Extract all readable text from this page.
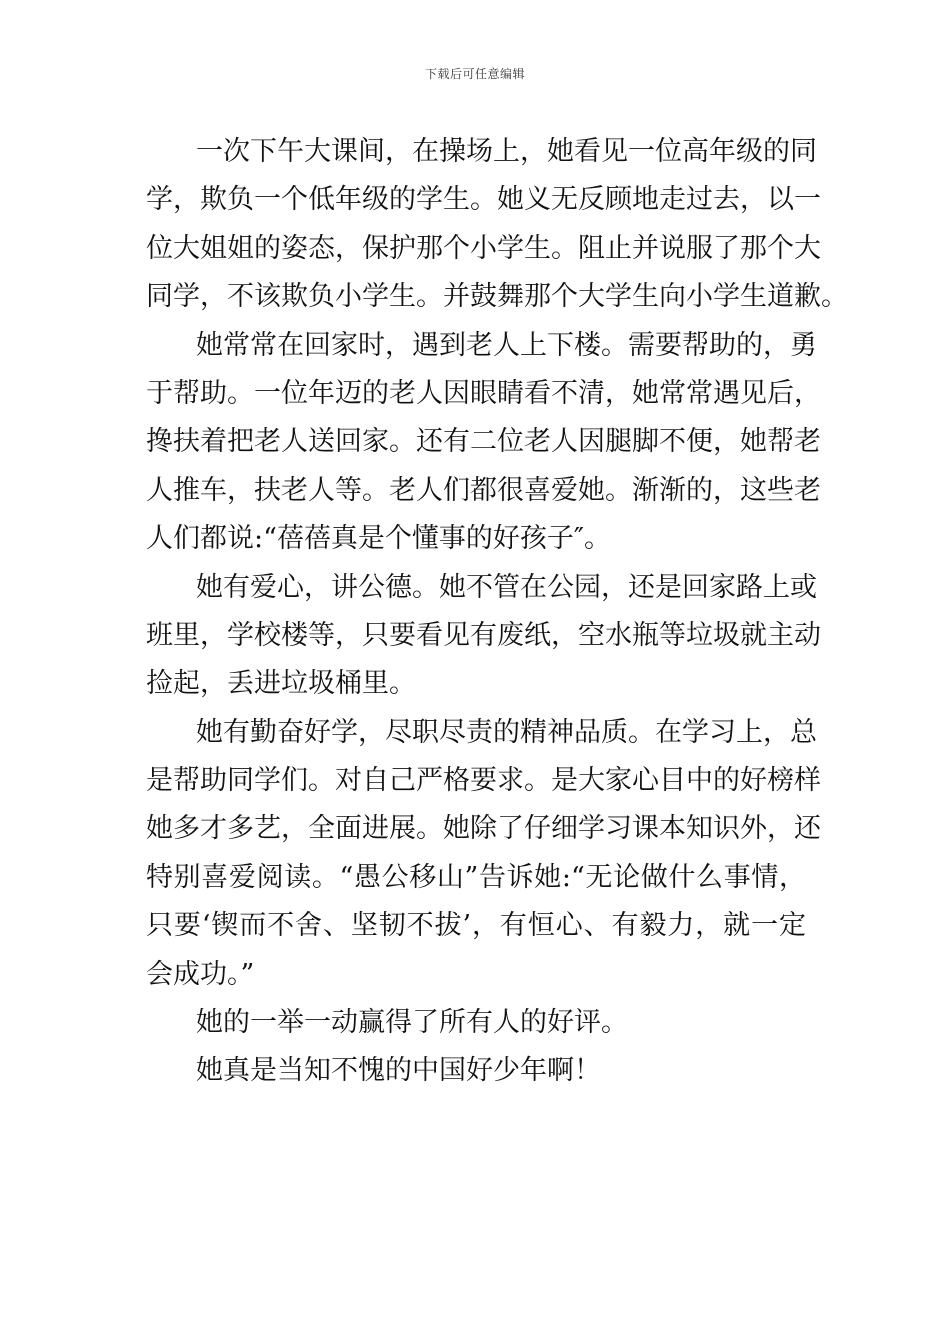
下载后可任意编辑
一次下午大课间，在操场上，她看见一位高年级的同
学，欺负一个低年级的学生。她义无反顾地走过去，以一
位大姐姐的姿态，保护那个小学生。阻止并说服了那个大
同学，不该欺负小学生。并鼓舞那个大学生向小学生道歉。
她常常在回家时，遇到老人上下楼。需要帮助的，勇
于帮助。一位年迈的老人因眼睛看不清，她常常遇见后，
搀扶着把老人送回家。还有二位老人因腿脚不便，她帮老
人推车，扶老人等。老人们都很喜爱她。渐渐的，这些老
人们都说:“蓓蓓真是个懂事的好孩子″。
她有爱心，讲公德。她不管在公园，还是回家路上或
班里，学校楼等，只要看见有废纸，空水瓶等垃圾就主动
捡起，丢进垃圾桶里。
她有勤奋好学，尽职尽责的精神品质。在学习上，总
是帮助同学们。对自己严格要求。是大家心目中的好榜样
她多才多艺，全面进展。她除了仔细学习课本知识外，还
特别喜爱阅读。“愚公移山”告诉她:“无论做什么事情，
只要‘锲而不舍、坚韧不拔’，有恒心、有毅力，就一定
会成功。”
她的一举一动赢得了所有人的好评。
她真是当知不愧的中国好少年啊！
